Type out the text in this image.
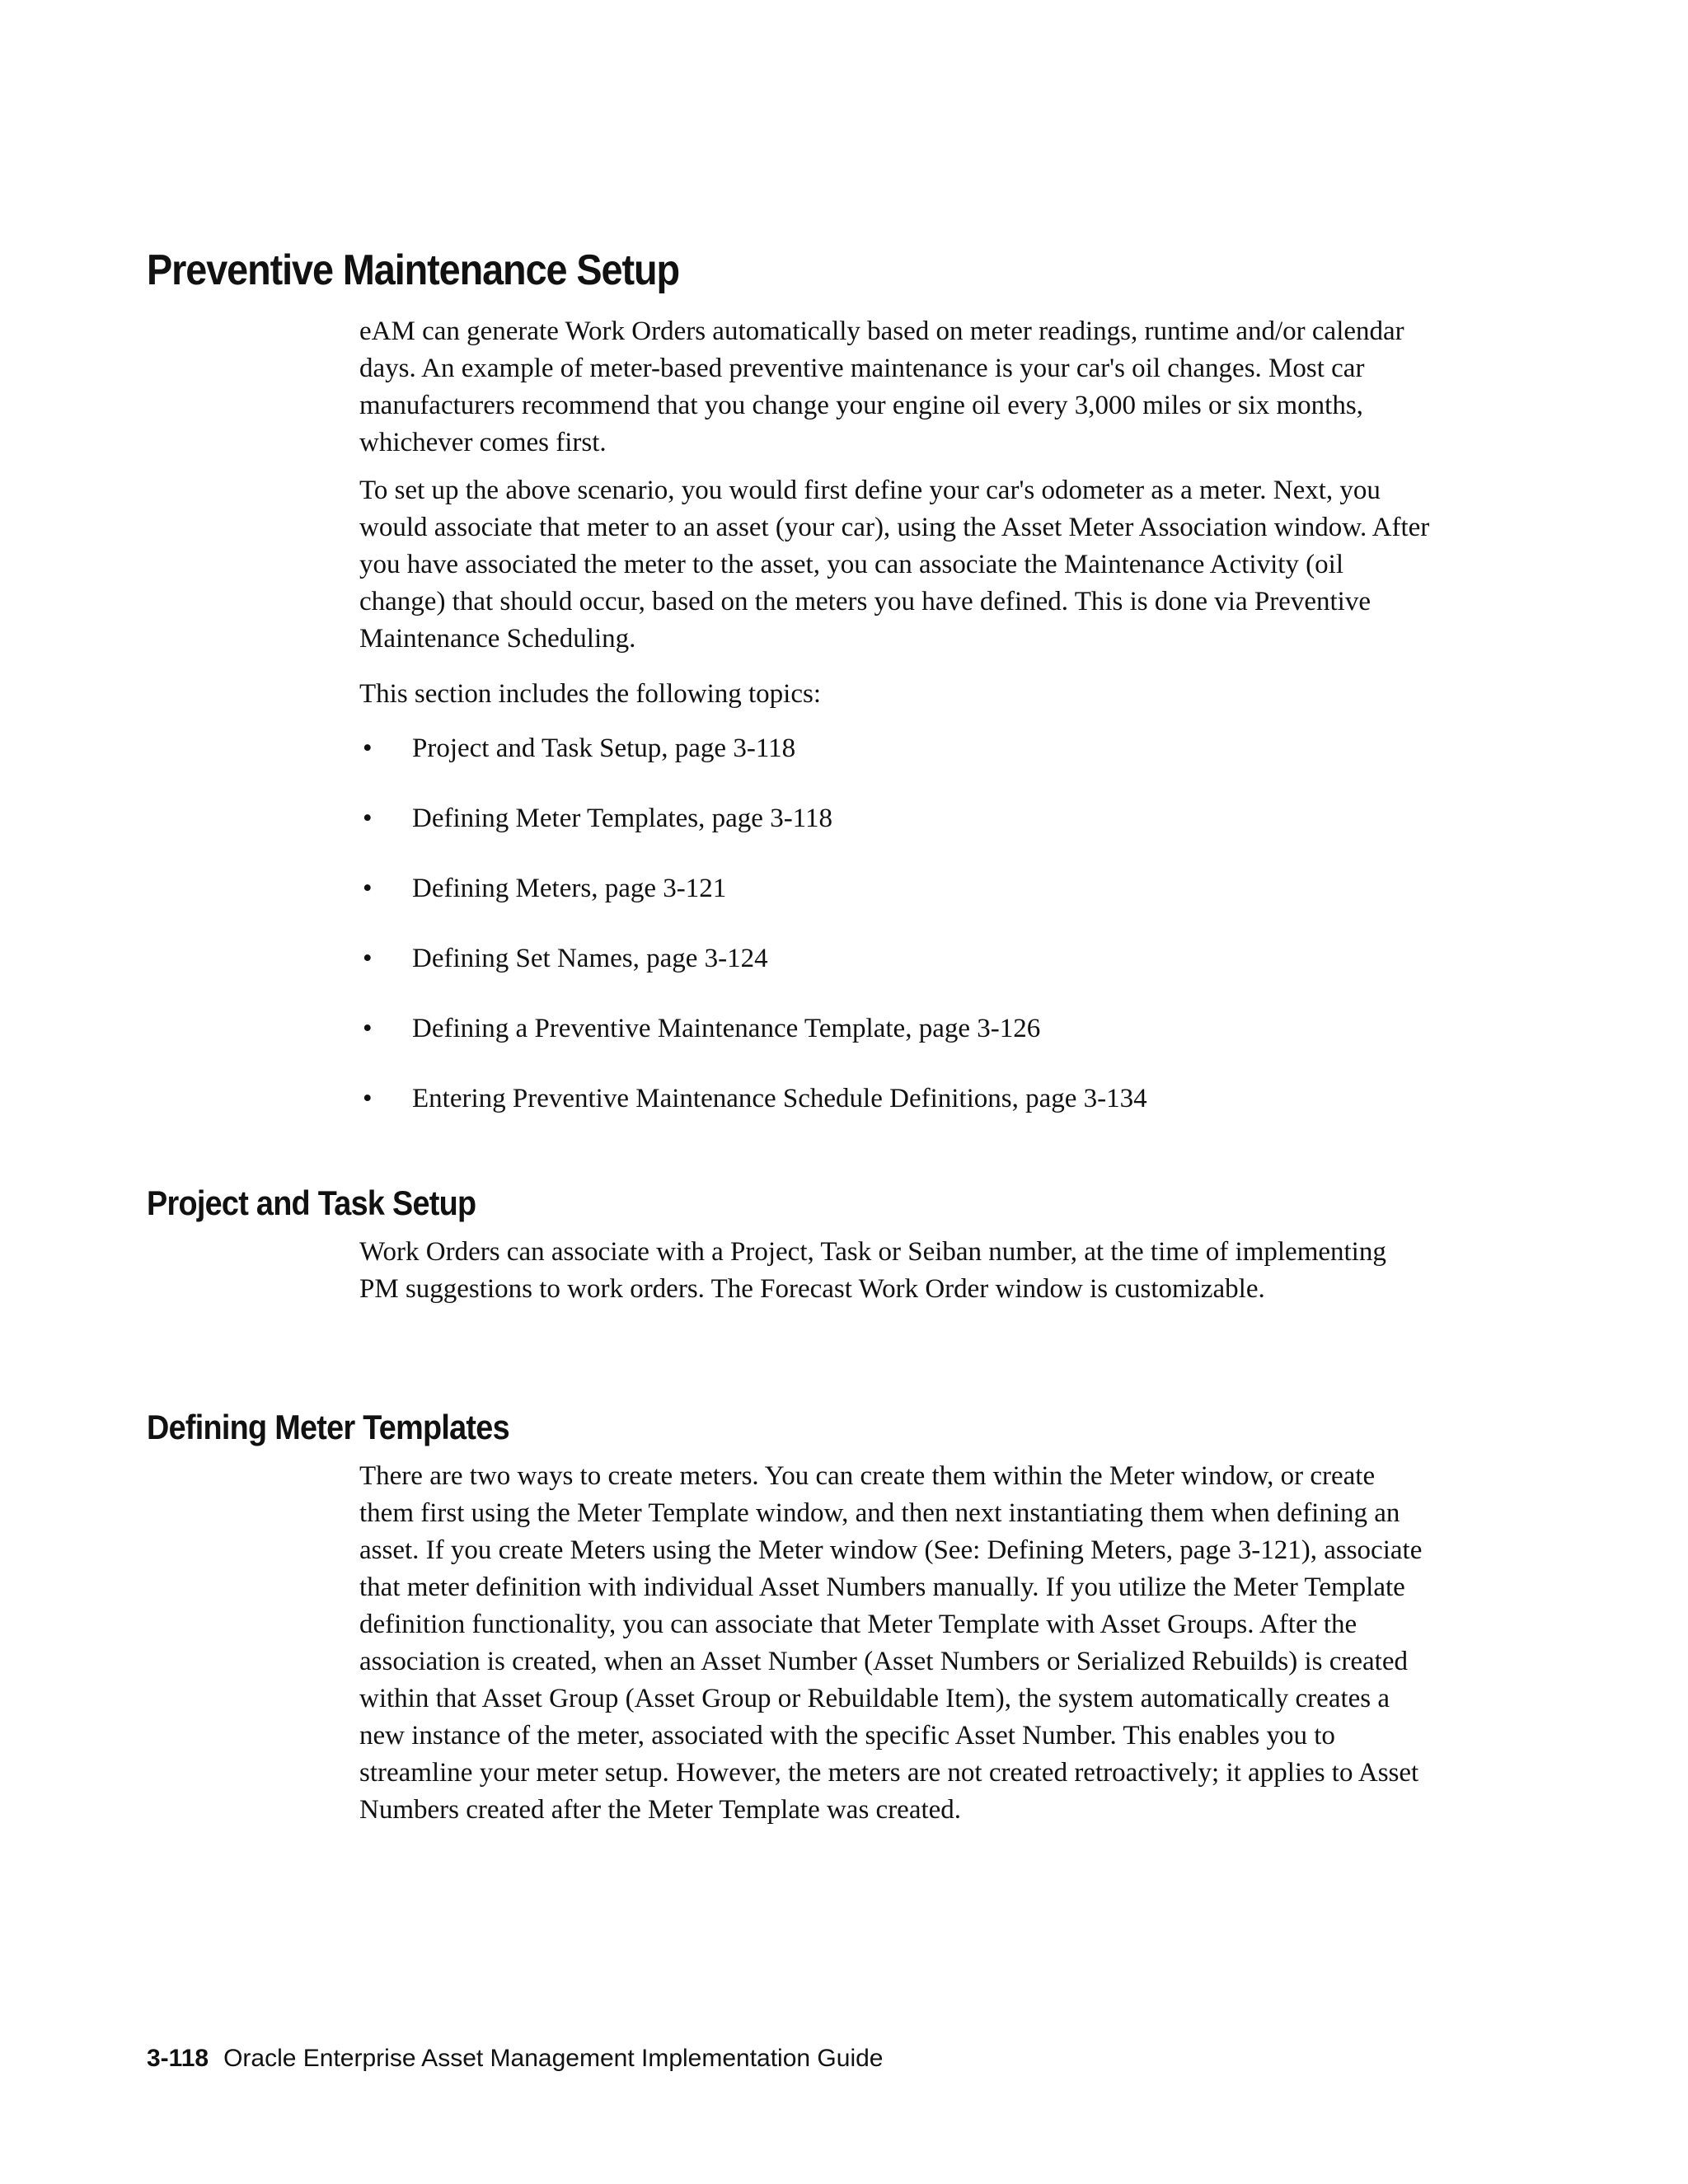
Preventive Maintenance Setup

eAM can generate Work Orders automatically based on meter readings, runtime and/or calendar days. An example of meter-based preventive maintenance is your car's oil changes. Most car manufacturers recommend that you change your engine oil every 3,000 miles or six months, whichever comes first.

To set up the above scenario, you would first define your car's odometer as a meter. Next, you would associate that meter to an asset (your car), using the Asset Meter Association window. After you have associated the meter to the asset, you can associate the Maintenance Activity (oil change) that should occur, based on the meters you have defined. This is done via Preventive Maintenance Scheduling.

This section includes the following topics:

• Project and Task Setup, page 3-118
• Defining Meter Templates, page 3-118
• Defining Meters, page 3-121
• Defining Set Names, page 3-124
• Defining a Preventive Maintenance Template, page 3-126
• Entering Preventive Maintenance Schedule Definitions, page 3-134
Project and Task Setup

Work Orders can associate with a Project, Task or Seiban number, at the time of implementing PM suggestions to work orders. The Forecast Work Order window is customizable.

Defining Meter Templates

There are two ways to create meters. You can create them within the Meter window, or create them first using the Meter Template window, and then next instantiating them when defining an asset. If you create Meters using the Meter window (See: Defining Meters, page 3-121), associate that meter definition with individual Asset Numbers manually. If you utilize the Meter Template definition functionality, you can associate that Meter Template with Asset Groups. After the association is created, when an Asset Number (Asset Numbers or Serialized Rebuilds) is created within that Asset Group (Asset Group or Rebuildable Item), the system automatically creates a new instance of the meter, associated with the specific Asset Number. This enables you to streamline your meter setup. However, the meters are not created retroactively; it applies to Asset Numbers created after the Meter Template was created.

3-118 Oracle Enterprise Asset Management Implementation Guide
